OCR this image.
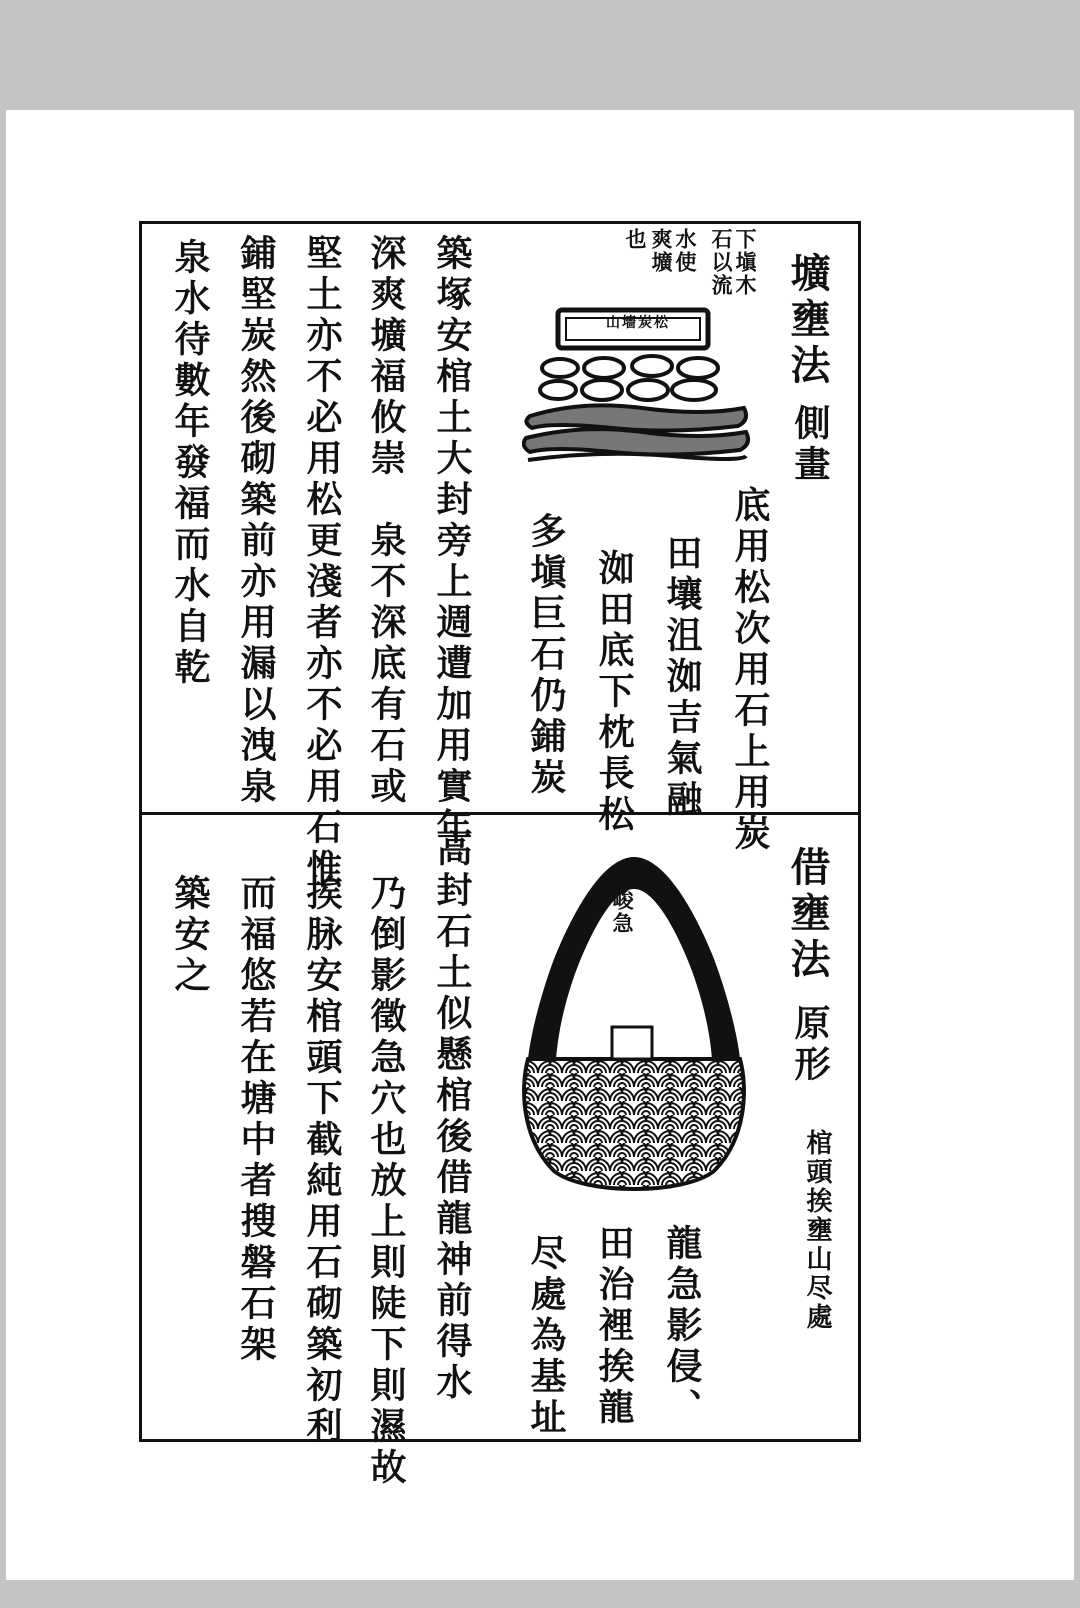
壙壅法
側畫
下塡木
石以流
水使
爽壙
也
山墻炭松
底用松次用石上用炭
田壤沮洳吉氣融
洳田底下枕長松
多塡巨石仍鋪炭
築塚安棺土大封旁上週遭加用實年
深爽壙福攸崇　泉不深底有石或
堅土亦不必用松更淺者亦不必用石惟
鋪堅炭然後砌築前亦用漏以洩泉
泉水待數年發福而水自乾
借壅法
原形
棺頭挨壅山尽處
峻急
龍急影侵、
田治裡挨龍
尽處為基址
高封石土似懸棺後借龍神前得水
乃倒影徵急穴也放上則陡下則濕故
挨脉安棺頭下截純用石砌築初利
而福悠若在塘中者搜磐石架
築安之
